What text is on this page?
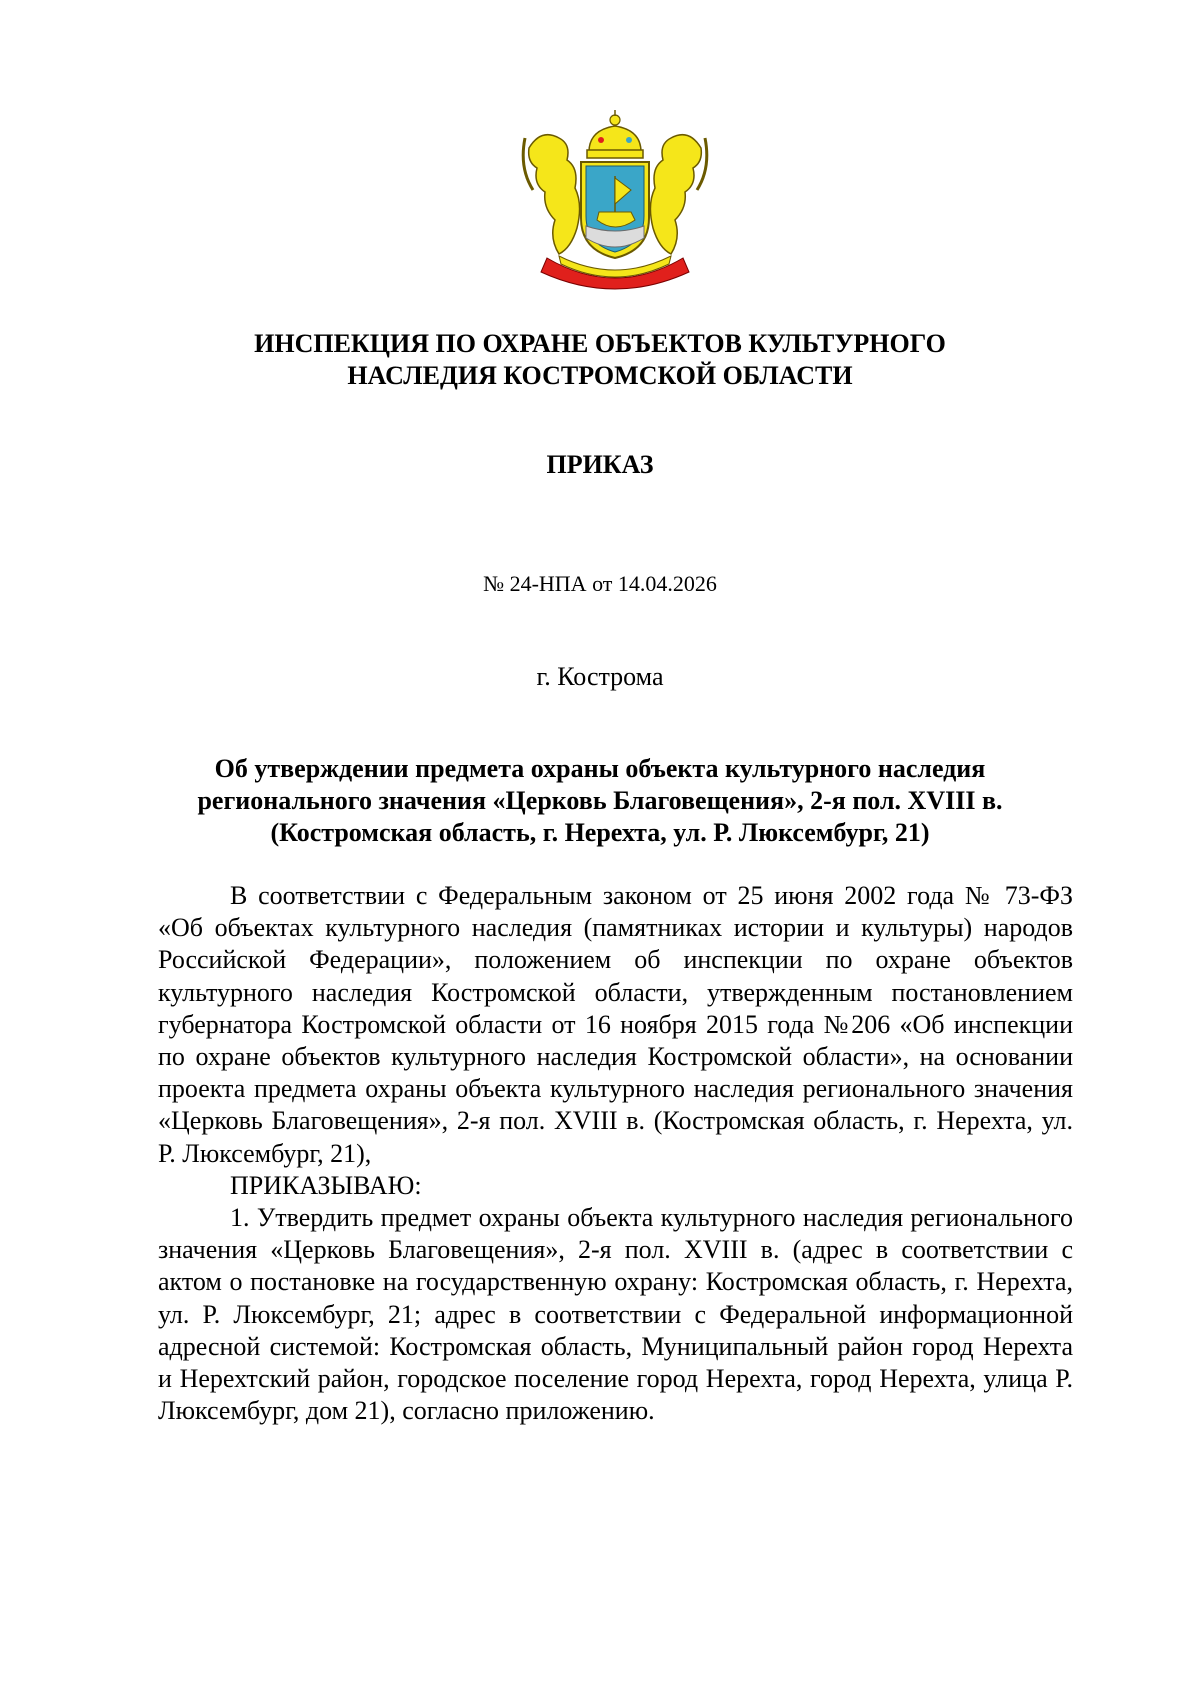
ИНСПЕКЦИЯ ПО ОХРАНЕ ОБЪЕКТОВ КУЛЬТУРНОГО
НАСЛЕДИЯ КОСТРОМСКОЙ ОБЛАСТИ
ПРИКАЗ
№ 24-НПА от 14.04.2026
г. Кострома
Об утверждении предмета охраны объекта культурного наследия
регионального значения «Церковь Благовещения», 2-я пол. XVIII в.
(Костромская область, г. Нерехта, ул. Р. Люксембург, 21)

В соответствии с Федеральным законом от 25 июня 2002 года № 73-ФЗ «Об объектах культурного наследия (памятниках истории и культуры) народов Российской Федерации», положением об инспекции по охране объектов культурного наследия Костромской области, утвержденным постановлением губернатора Костромской области от 16 ноября 2015 года №206 «Об инспекции по охране объектов культурного наследия Костромской области», на основании проекта предмета охраны объекта культурного наследия регионального значения «Церковь Благовещения», 2-я пол. XVIII в. (Костромская область, г. Нерехта, ул. Р. Люксембург, 21),

ПРИКАЗЫВАЮ:

1. Утвердить предмет охраны объекта культурного наследия регионального значения «Церковь Благовещения», 2-я пол. XVIII в. (адрес в соответствии с актом о постановке на государственную охрану: Костромская область, г. Нерехта, ул. Р. Люксембург, 21; адрес в соответствии с Федеральной информационной адресной системой: Костромская область, Муниципальный район город Нерехта и Нерехтский район, городское поселение город Нерехта, город Нерехта, улица Р. Люксембург, дом 21), согласно приложению.
